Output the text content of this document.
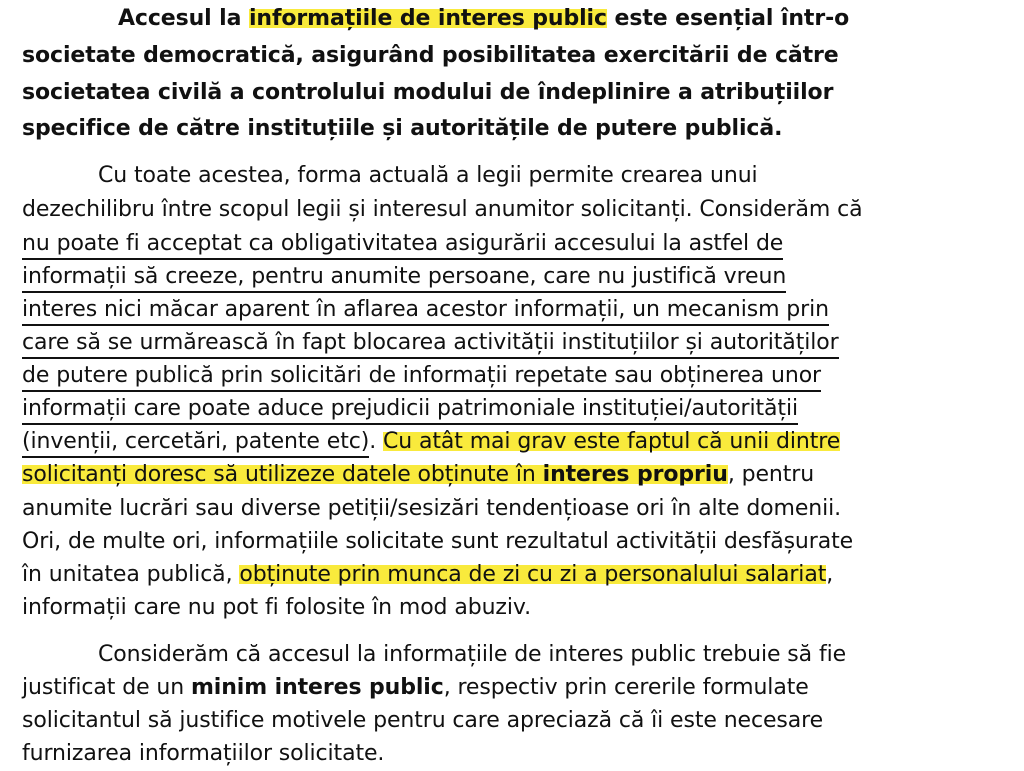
Accesul la informațiile de interes public este esențial într-o
societate democratică, asigurând posibilitatea exercitării de către
societatea civilă a controlului modului de îndeplinire a atribuțiilor
specifice de către instituțiile și autoritățile de putere publică.
Cu toate acestea, forma actuală a legii permite crearea unui
dezechilibru între scopul legii și interesul anumitor solicitanți. Considerăm că
nu poate fi acceptat ca obligativitatea asigurării accesului la astfel de
informații să creeze, pentru anumite persoane, care nu justifică vreun
interes nici măcar aparent în aflarea acestor informații, un mecanism prin
care să se urmărească în fapt blocarea activității instituțiilor și autorităților
de putere publică prin solicitări de informații repetate sau obținerea unor
informații care poate aduce prejudicii patrimoniale instituției/autorității
(invenții, cercetări, patente etc). Cu atât mai grav este faptul că unii dintre
solicitanți doresc să utilizeze datele obținute în interes propriu, pentru
anumite lucrări sau diverse petiții/sesizări tendențioase ori în alte domenii.
Ori, de multe ori, informațiile solicitate sunt rezultatul activității desfășurate
în unitatea publică, obținute prin munca de zi cu zi a personalului salariat,
informații care nu pot fi folosite în mod abuziv.
Considerăm că accesul la informațiile de interes public trebuie să fie
justificat de un minim interes public, respectiv prin cererile formulate
solicitantul să justifice motivele pentru care apreciază că îi este necesare
furnizarea informațiilor solicitate.
